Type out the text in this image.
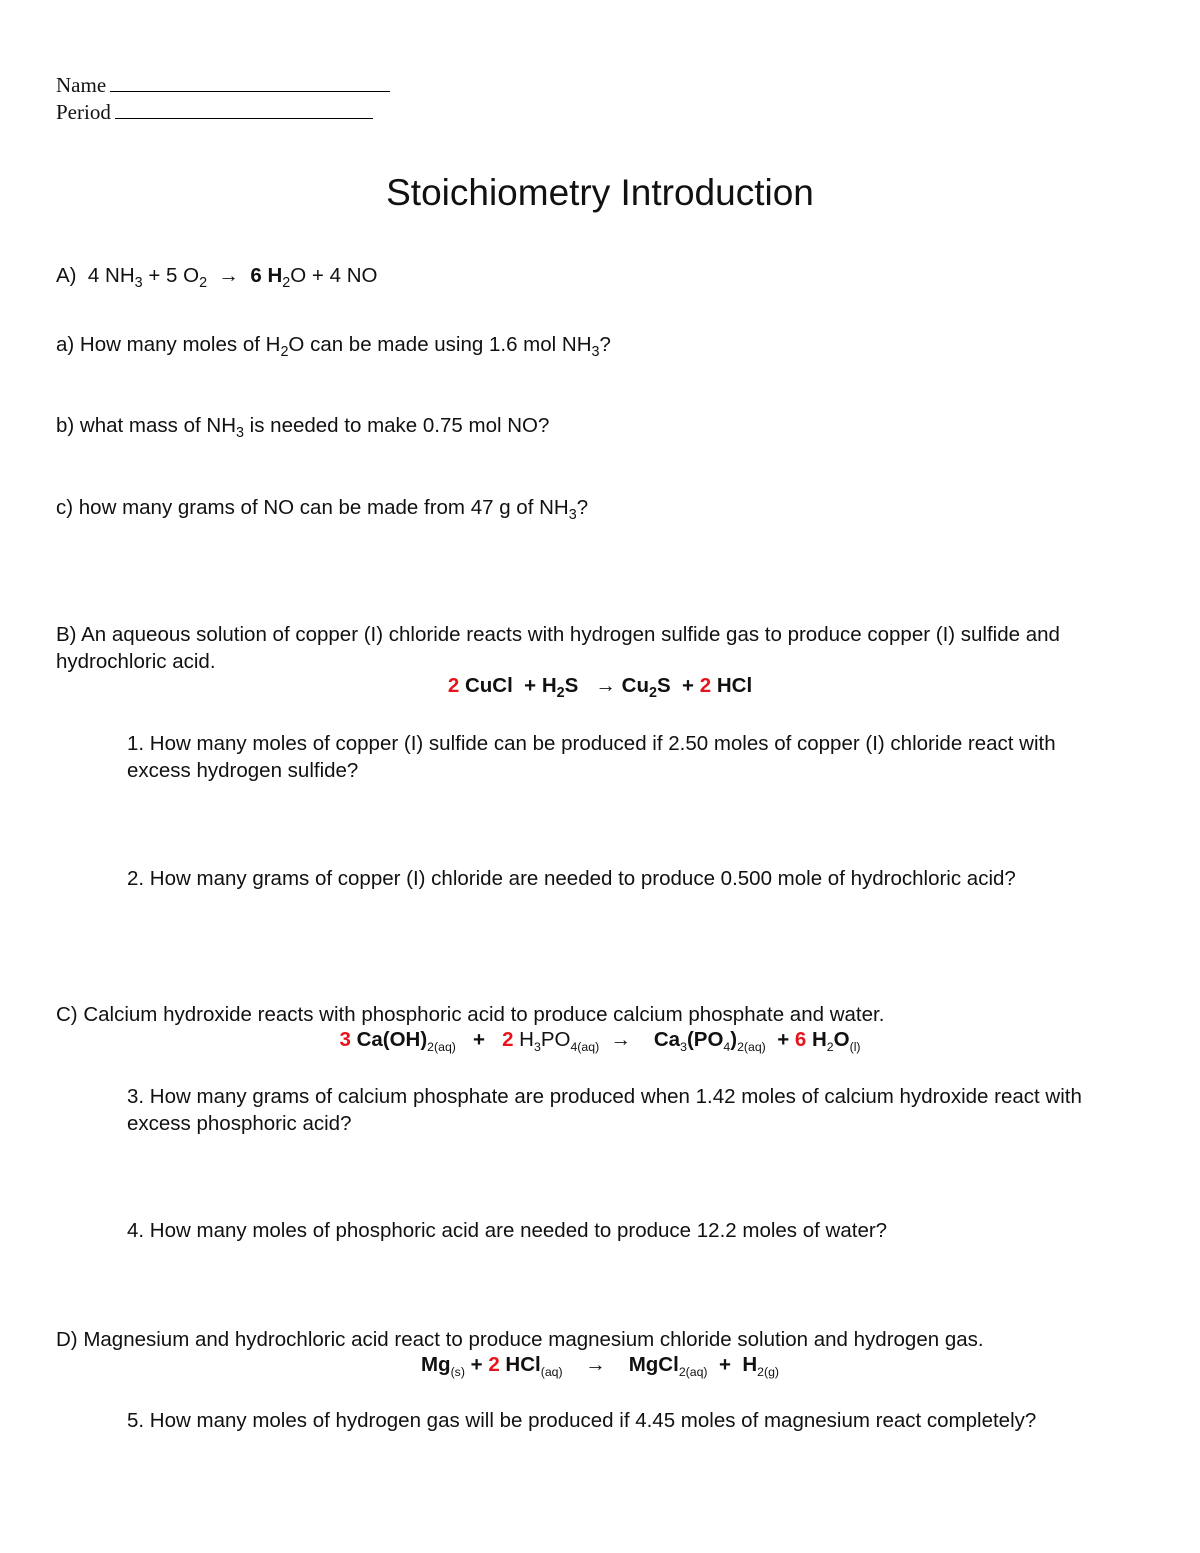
Name
Period
Stoichiometry Introduction
A) 4 $NH_3 + 5$ $O_2 \to 6$ $H_2O + 4$ NO
a) How many moles of $H_2O$ can be made using 1.6 mol $NH_3$?
b) what mass of $NH_3$ is needed to make 0.75 mol NO?
c) how many grams of NO can be made from 47 g of $NH_3$?
B) An aqueous solution of copper (I) chloride reacts with hydrogen sulfide gas to produce copper (I) sulfide and hydrochloric acid.
2 CuCl + $H_2S \to Cu_2S + 2$ HCl
1. How many moles of copper (I) sulfide can be produced if 2.50 moles of copper (I) chloride react with excess hydrogen sulfide?
2. How many grams of copper (I) chloride are needed to produce 0.500 mole of hydrochloric acid?
C) Calcium hydroxide reacts with phosphoric acid to produce calcium phosphate and water.
3 $Ca(OH)_{2(aq)} + 2$ $H_3PO_{4(aq)} \to Ca_3(PO_4)_{2(aq)} + 6$ $H_2O_{(l)}$
3. How many grams of calcium phosphate are produced when 1.42 moles of calcium hydroxide react with excess phosphoric acid?
4. How many moles of phosphoric acid are needed to produce 12.2 moles of water?
D) Magnesium and hydrochloric acid react to produce magnesium chloride solution and hydrogen gas.
$Mg_{(s)} + 2$ HCl$_{(aq)}$ → MgCl$_{2(aq)}$ + $H_{2(g)}$
5. How many moles of hydrogen gas will be produced if 4.45 moles of magnesium react completely?
